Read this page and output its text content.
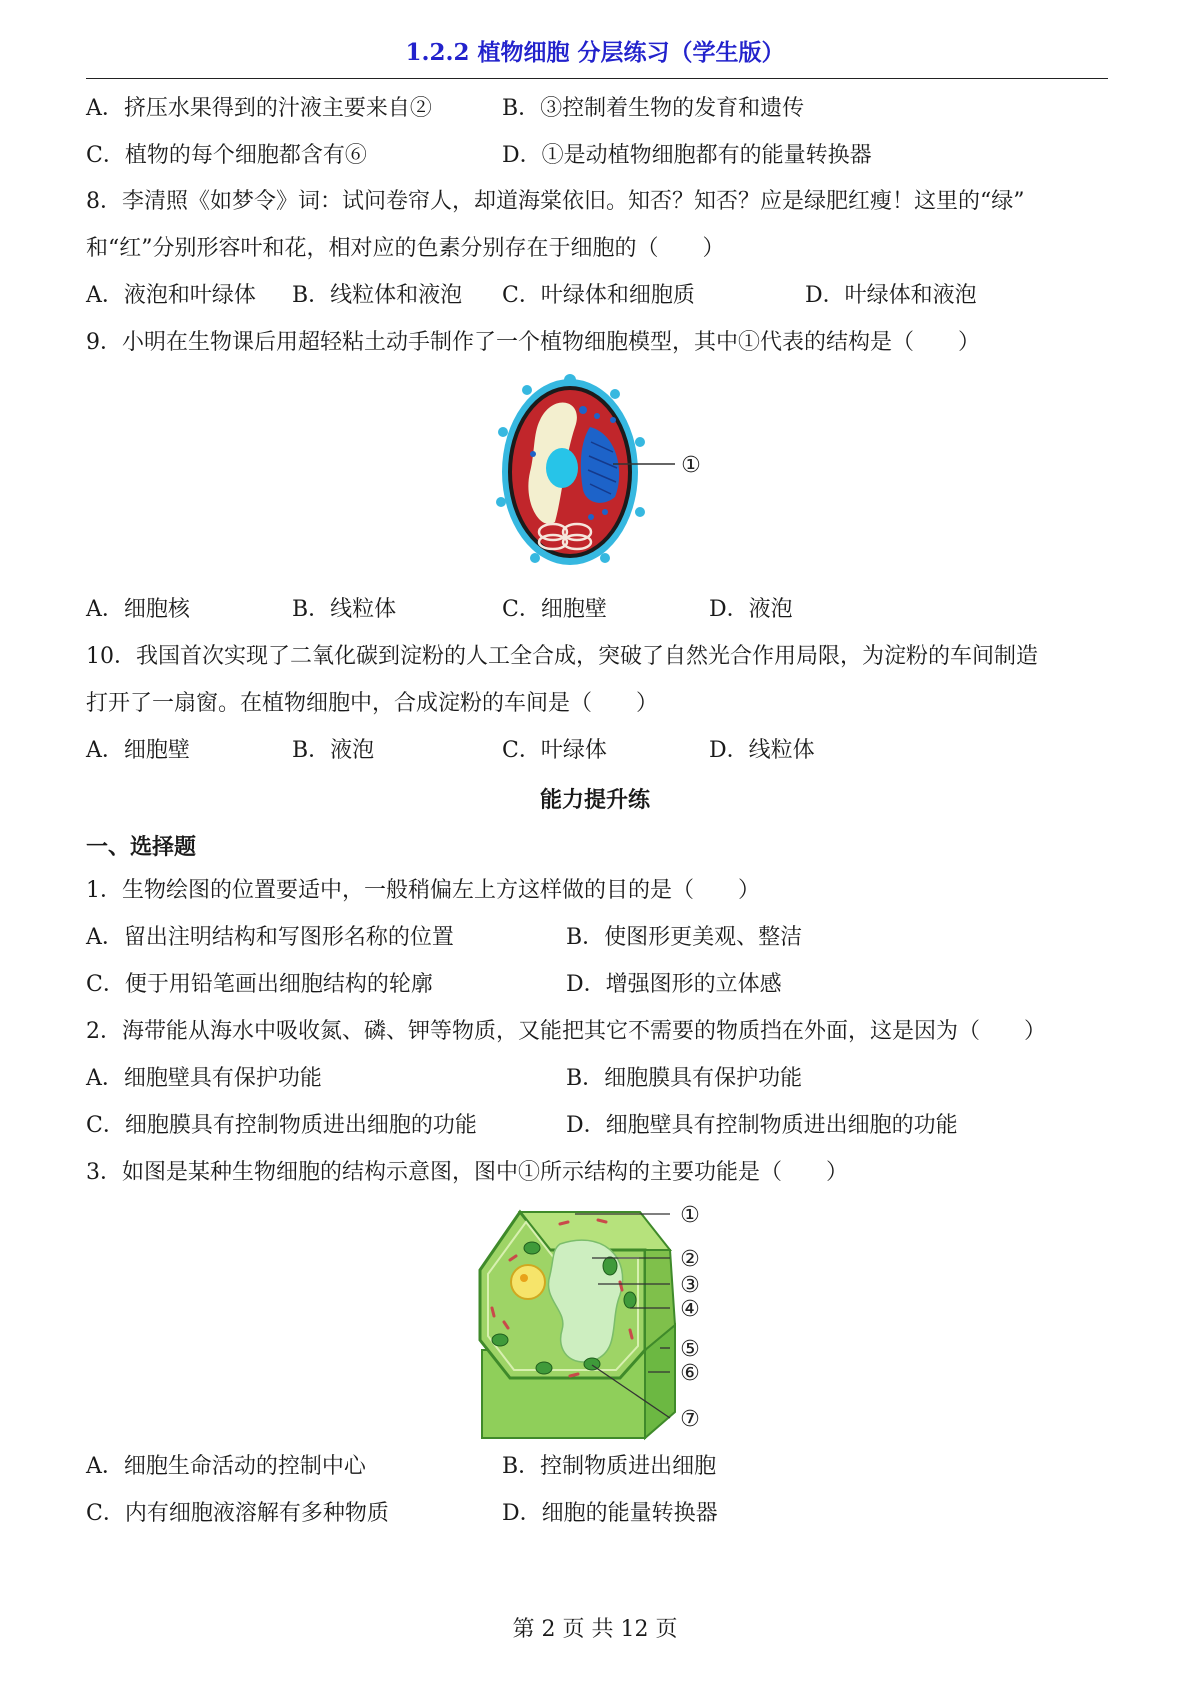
1.2.2 植物细胞 分层练习（学生版）
A．挤压水果得到的汁液主要来自②	B．③控制着生物的发育和遗传
C．植物的每个细胞都含有⑥	D．①是动植物细胞都有的能量转换器
8．李清照《如梦令》词：试问卷帘人，却道海棠依旧。知否？知否？应是绿肥红瘦！这里的“绿”
和“红”分别形容叶和花，相对应的色素分别存在于细胞的（　　）
A．液泡和叶绿体 B．线粒体和液泡 C．叶绿体和细胞质	D．叶绿体和液泡
9．小明在生物课后用超轻粘土动手制作了一个植物细胞模型，其中①代表的结构是（　　）
①
A．细胞核	B．线粒体	C．细胞壁	D．液泡
10．我国首次实现了二氧化碳到淀粉的人工全合成，突破了自然光合作用局限，为淀粉的车间制造
打开了一扇窗。在植物细胞中，合成淀粉的车间是（　　）
A．细胞壁	B．液泡	C．叶绿体	D．线粒体
能力提升练
一、选择题
1．生物绘图的位置要适中，一般稍偏左上方这样做的目的是（　　）
A．留出注明结构和写图形名称的位置	B．使图形更美观、整洁
C．便于用铅笔画出细胞结构的轮廓	D．增强图形的立体感
2．海带能从海水中吸收氮、磷、钾等物质，又能把其它不需要的物质挡在外面，这是因为（　　）
A．细胞壁具有保护功能	B．细胞膜具有保护功能
C．细胞膜具有控制物质进出细胞的功能	D．细胞壁具有控制物质进出细胞的功能
3．如图是某种生物细胞的结构示意图，图中①所示结构的主要功能是（　　）
①
②
③
④
⑤
⑥
⑦
A．细胞生命活动的控制中心	B．控制物质进出细胞
C．内有细胞液溶解有多种物质	D．细胞的能量转换器
第 2 页 共 12 页
